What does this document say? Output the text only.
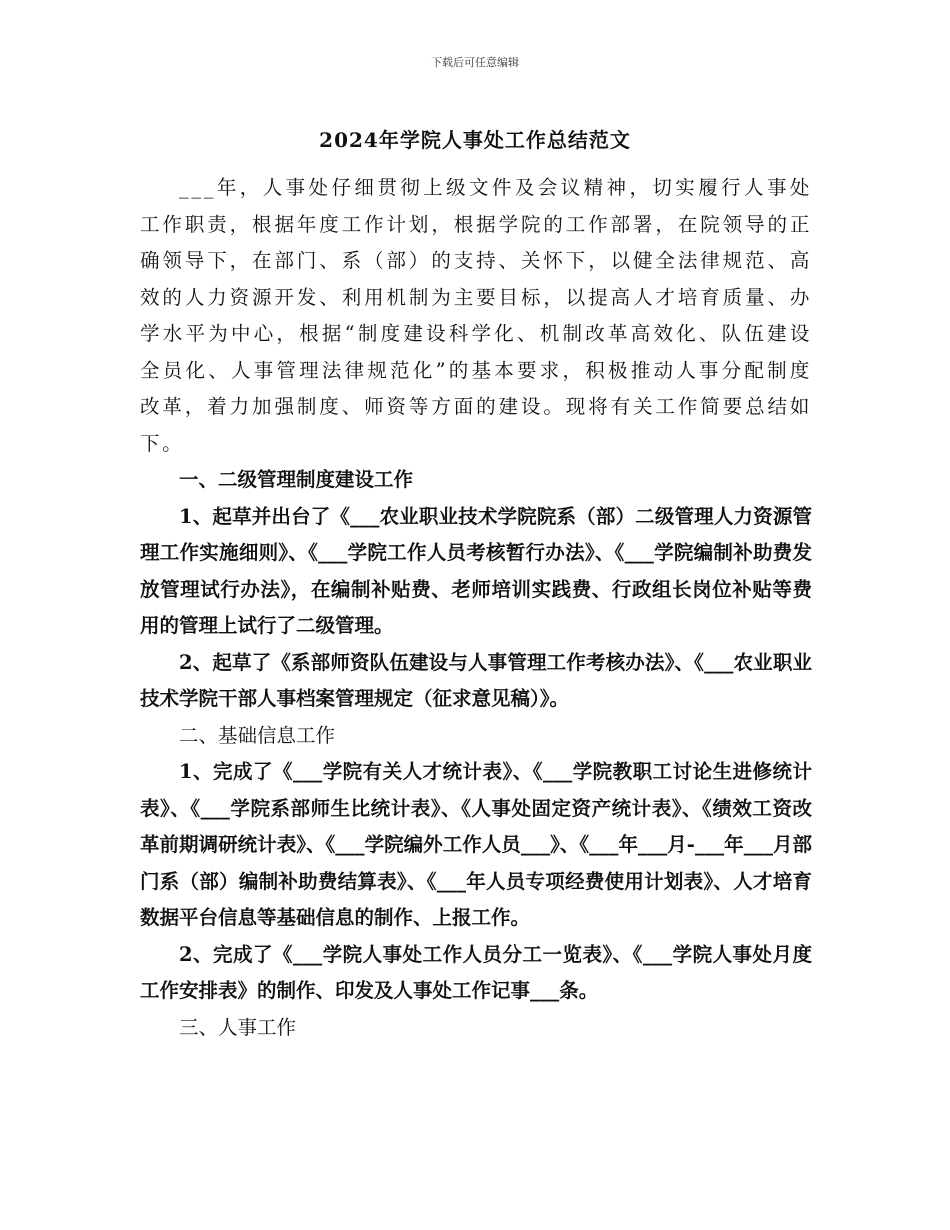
下载后可任意编辑
2024年学院人事处工作总结范文

___年，人事处仔细贯彻上级文件及会议精神，切实履行人事处工作职责，根据年度工作计划，根据学院的工作部署，在院领导的正确领导下，在部门、系（部）的支持、关怀下，以健全法律规范、高效的人力资源开发、利用机制为主要目标，以提高人才培育质量、办学水平为中心，根据“制度建设科学化、机制改革高效化、队伍建设全员化、人事管理法律规范化”的基本要求，积极推动人事分配制度改革，着力加强制度、师资等方面的建设。现将有关工作简要总结如下。

一、二级管理制度建设工作

1、起草并出台了《___农业职业技术学院院系（部）二级管理人力资源管理工作实施细则》、《___学院工作人员考核暂行办法》、《___学院编制补助费发放管理试行办法》，在编制补贴费、老师培训实践费、行政组长岗位补贴等费用的管理上试行了二级管理。

2、起草了《系部师资队伍建设与人事管理工作考核办法》、《___农业职业技术学院干部人事档案管理规定（征求意见稿）》。

二、基础信息工作

1、完成了《___学院有关人才统计表》、《___学院教职工讨论生进修统计表》、《___学院系部师生比统计表》、《人事处固定资产统计表》、《绩效工资改革前期调研统计表》、《___学院编外工作人员___》、《___年___月-___年___月部门系（部）编制补助费结算表》、《___年人员专项经费使用计划表》、人才培育数据平台信息等基础信息的制作、上报工作。

2、完成了《___学院人事处工作人员分工一览表》、《___学院人事处月度工作安排表》的制作、印发及人事处工作记事___条。

三、人事工作
